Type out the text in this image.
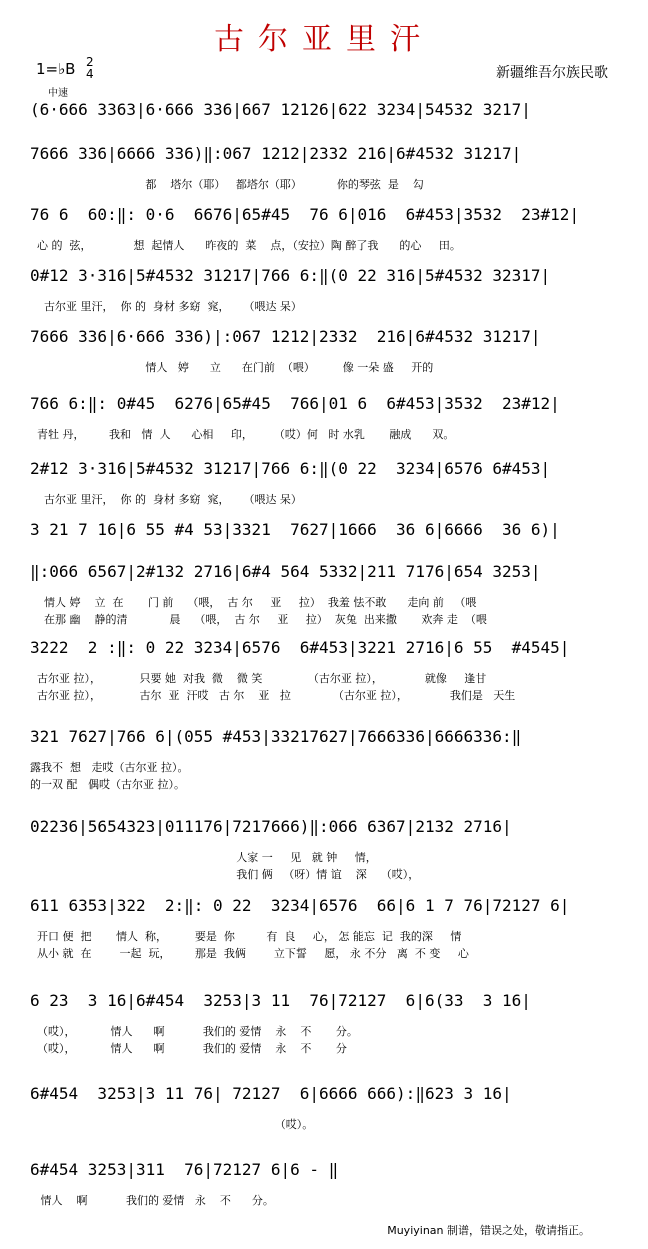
古尔亚里汗
新疆维吾尔族民歌
1=♭B 2
4
中速
(6·666 3363|6·666 336|667 12126|622 3234|54532 3217|
7666 336|6666 336)‖:067 1212|2332 216|6#4532 31217|
都    塔尔（耶）   都塔尔（耶）          你的琴弦  是    勾
76 6  60:‖: 0·6  6676|65#45  76 6|016  6#453|3532  23#12|
心 的  弦，            想  起情人      昨夜的  菜    点，（安拉）陶 醉了我      的心     田。
0#12 3·316|5#4532 31217|766 6:‖(0 22 316|5#4532 32317|
古尔亚 里汗，  你 的  身材 多窈  窕，    （喂达 呆）
7666 336|6·666 336)|:067 1212|2332  216|6#4532 31217|
情人   婷      立      在门前  （喂）        像 一朵 盛     开的
766 6:‖: 0#45  6276|65#45  766|01 6  6#453|3532  23#12|
青牡 丹，       我和   情  人      心相     印，      （哎）何   时 水乳       融成      双。
2#12 3·316|5#4532 31217|766 6:‖(0 22  3234|6576 6#453|
古尔亚 里汗，  你 的  身材 多窈  窕，    （喂达 呆）
3 21 7 16|6 55 #4 53|3321  7627|1666  36 6|6666  36 6)|
‖:066 6567|2#132 2716|6#4 564 5332|211 7176|654 3253|
情人 婷    立  在       门 前    （喂，  古 尔     亚     拉）  我羞 怯不敢      走向 前   （喂
在那 幽    静的清            晨    （喂，  古 尔     亚     拉）  灰兔  出来撒       欢奔 走  （喂
3222  2 :‖: 0 22 3234|6576  6#453|3221 2716|6 55  #4545|
古尔亚 拉），           只要 她  对我  微    微 笑             （古尔亚 拉），            就像     逢甘
古尔亚 拉），           古尔  亚  汗哎   古 尔    亚   拉            （古尔亚 拉），            我们是   天生
321 7627|766 6|(055 #453|33217627|7666336|6666336:‖
露我不  想   走哎（古尔亚 拉）。
的一双 配   偶哎（古尔亚 拉）。
02236|5654323|011176|7217666)‖:066 6367|2132 2716|
人家 一     见   就 钟     情，
我们 俩   （呀）情 谊    深    （哎），
611 6353|322  2:‖: 0 22  3234|6576  66|6 1 7 76|72127 6|
开口 便  把       情人  称，        要是  你         有  良     心， 怎 能忘  记  我的深     情
从小 就  在        一起  玩，       那是  我俩        立下誓     愿， 永 不分   离  不 变     心
6 23  3 16|6#454  3253|3 11  76|72127  6|6(33  3 16|
（哎），          情人      啊           我们的 爱情    永    不       分。
（哎），          情人      啊           我们的 爱情    永    不       分
6#454  3253|3 11 76| 72127  6|6666 666):‖623 3 16|
（哎）。
6#454 3253|311  76|72127 6|6 - ‖
情人    啊           我们的 爱情   永    不      分。
Muyiyinan 制谱，错误之处，敬请指正。
